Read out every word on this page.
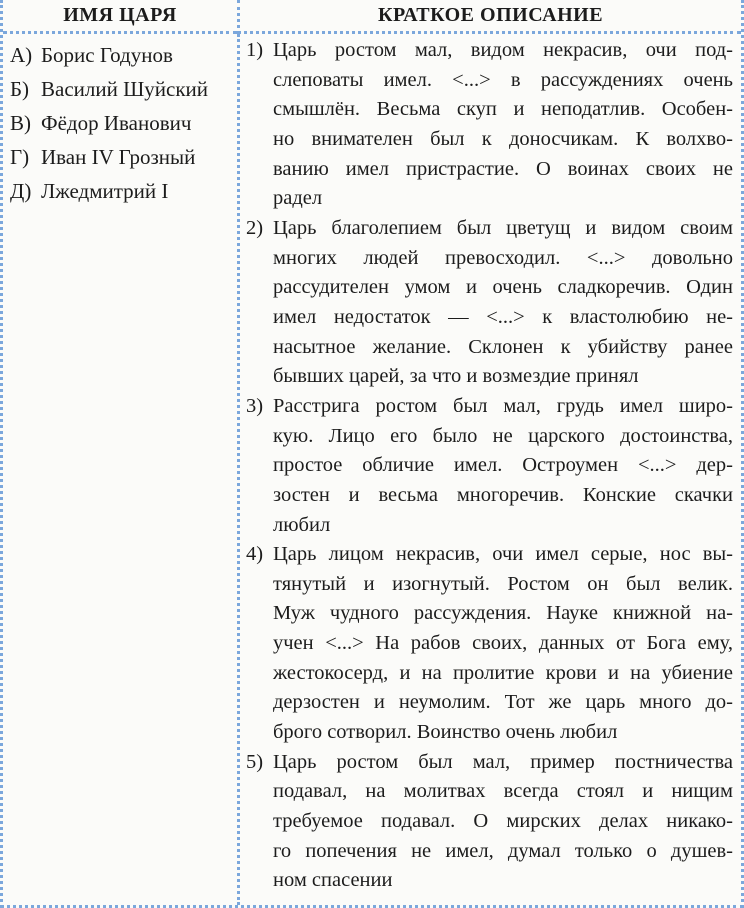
ИМЯ ЦАРЯ	КРАТКОЕ ОПИСАНИЕ
А) Борис Годунов
Б) Василий Шуйский
В) Фёдор Иванович
Г) Иван IV Грозный
Д) Лжедмитрий I
1) Царь ростом мал, видом некрасив, очи под-
слеповаты имел. <...> в рассуждениях очень
смышлён. Весьма скуп и неподатлив. Особен-
но внимателен был к доносчикам. К волхво-
ванию имел пристрастие. О воинах своих не
радел
2) Царь благолепием был цветущ и видом своим
многих людей превосходил. <...> довольно
рассудителен умом и очень сладкоречив. Один
имел недостаток — <...> к властолюбию не-
насытное желание. Склонен к убийству ранее
бывших царей, за что и возмездие принял
3) Расстрига ростом был мал, грудь имел широ-
кую. Лицо его было не царского достоинства,
простое обличие имел. Остроумен <...> дер-
зостен и весьма многоречив. Конские скачки
любил
4) Царь лицом некрасив, очи имел серые, нос вы-
тянутый и изогнутый. Ростом он был велик.
Муж чудного рассуждения. Науке книжной на-
учен <...> На рабов своих, данных от Бога ему,
жестокосерд, и на пролитие крови и на убиение
дерзостен и неумолим. Тот же царь много до-
брого сотворил. Воинство очень любил
5) Царь ростом был мал, пример постничества
подавал, на молитвах всегда стоял и нищим
требуемое подавал. О мирских делах никако-
го попечения не имел, думал только о душев-
ном спасении
